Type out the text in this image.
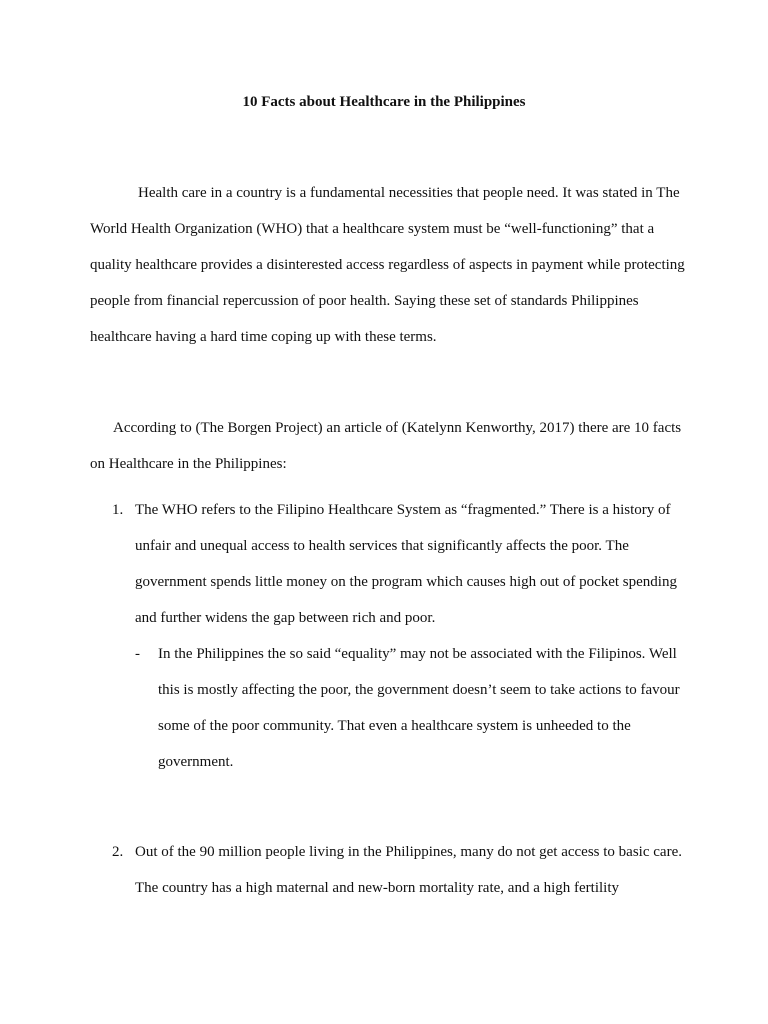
10 Facts about Healthcare in the Philippines

Health care in a country is a fundamental necessities that people need. It was stated in The World Health Organization (WHO) that a healthcare system must be “well-functioning” that a quality healthcare provides a disinterested access regardless of aspects in payment while protecting people from financial repercussion of poor health. Saying these set of standards Philippines healthcare having a hard time coping up with these terms.

According to (The Borgen Project) an article of (Katelynn Kenworthy, 2017) there are 10 facts on Healthcare in the Philippines:

1. The WHO refers to the Filipino Healthcare System as “fragmented.” There is a history of unfair and unequal access to health services that significantly affects the poor. The government spends little money on the program which causes high out of pocket spending and further widens the gap between rich and poor.
- In the Philippines the so said “equality” may not be associated with the Filipinos. Well this is mostly affecting the poor, the government doesn’t seem to take actions to favour some of the poor community. That even a healthcare system is unheeded to the government.
2. Out of the 90 million people living in the Philippines, many do not get access to basic care. The country has a high maternal and new-born mortality rate, and a high fertility
